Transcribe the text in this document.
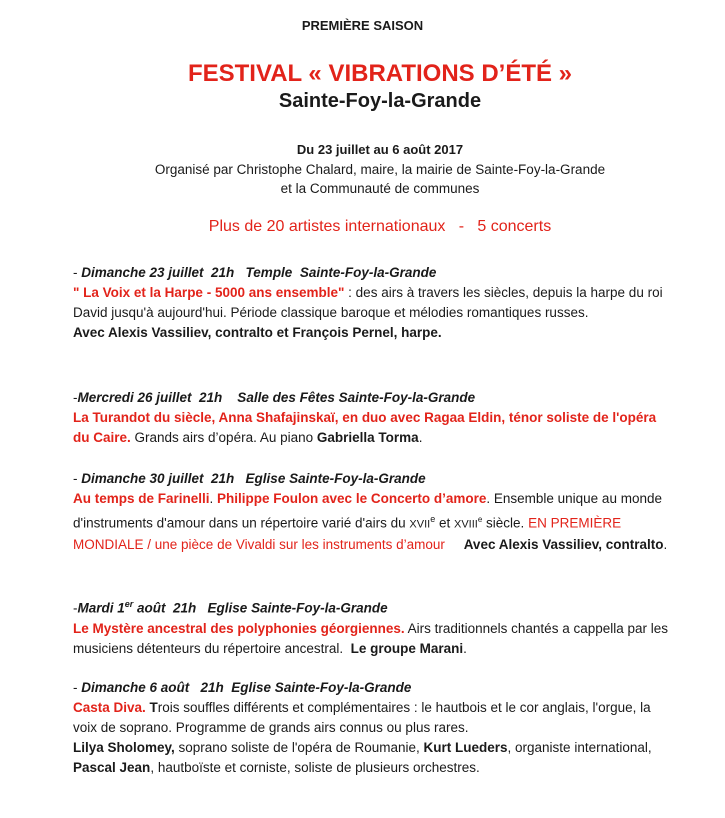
PREMIÈRE SAISON
FESTIVAL « VIBRATIONS D’ÉTÉ »
Sainte-Foy-la-Grande
Du 23 juillet au 6 août 2017
Organisé par Christophe Chalard, maire, la mairie de Sainte-Foy-la-Grande
et la Communauté de communes
Plus de 20 artistes internationaux   -   5 concerts

- Dimanche 23 juillet  21h   Temple  Sainte-Foy-la-Grande

" La Voix et la Harpe - 5000 ans ensemble" : des airs à travers les siècles, depuis la harpe du roi David jusqu'à aujourd'hui. Période classique baroque et mélodies romantiques russes.

Avec Alexis Vassiliev, contralto et François Pernel, harpe.

-Mercredi 26 juillet  21h    Salle des Fêtes Sainte-Foy-la-Grande

La Turandot du siècle, Anna Shafajinskaï, en duo avec Ragaa Eldin, ténor soliste de l'opéra du Caire. Grands airs d’opéra. Au piano Gabriella Torma.

- Dimanche 30 juillet  21h   Eglise Sainte-Foy-la-Grande

Au temps de Farinelli. Philippe Foulon avec le Concerto d’amore. Ensemble unique au monde d'instruments d'amour dans un répertoire varié d'airs du XVIIe et XVIIIe siècle. EN PREMIÈRE MONDIALE / une pièce de Vivaldi sur les instruments d’amour Avec Alexis Vassiliev, contralto.

-Mardi 1er août  21h   Eglise Sainte-Foy-la-Grande

Le Mystère ancestral des polyphonies géorgiennes. Airs traditionnels chantés a cappella par les musiciens détenteurs du répertoire ancestral.  Le groupe Marani.

- Dimanche 6 août   21h  Eglise Sainte-Foy-la-Grande

Casta Diva. Trois souffles différents et complémentaires : le hautbois et le cor anglais, l'orgue, la voix de soprano. Programme de grands airs connus ou plus rares.

Lilya Sholomey, soprano soliste de l'opéra de Roumanie, Kurt Lueders, organiste international, Pascal Jean, hautboïste et corniste, soliste de plusieurs orchestres.
